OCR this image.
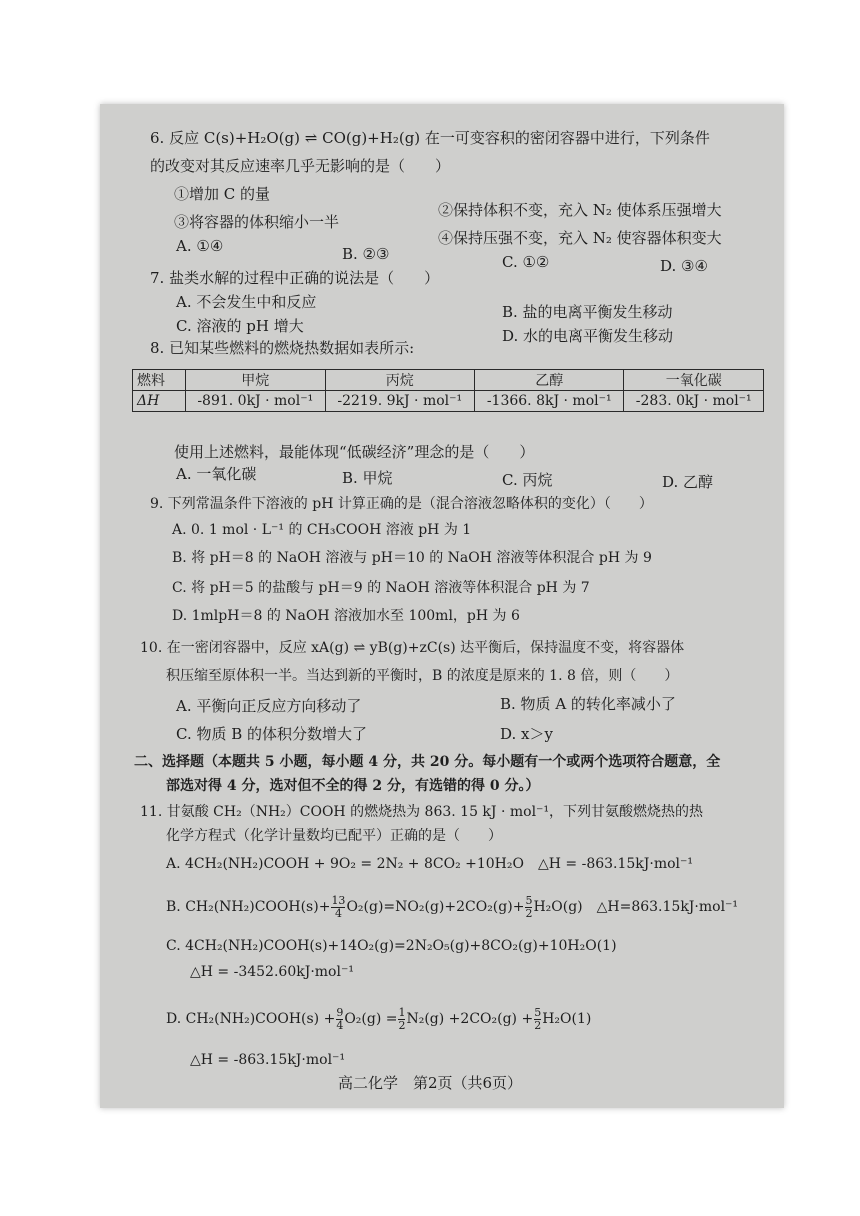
6. 反应 C(s)+H₂O(g) ⇌ CO(g)+H₂(g) 在一可变容积的密闭容器中进行，下列条件
的改变对其反应速率几乎无影响的是（　　）
①增加 C 的量
②保持体积不变，充入 N₂ 使体系压强增大
③将容器的体积缩小一半
④保持压强不变，充入 N₂ 使容器体积变大
A. ①④	B. ②③	C. ①②	D. ③④
7. 盐类水解的过程中正确的说法是（　　）
A. 不会发生中和反应
B. 盐的电离平衡发生移动
C. 溶液的 pH 增大
D. 水的电离平衡发生移动
8. 已知某些燃料的燃烧热数据如表所示:
燃料	甲烷	丙烷	乙醇	一氧化碳
ΔH	-891. 0kJ · mol⁻¹	-2219. 9kJ · mol⁻¹	-1366. 8kJ · mol⁻¹	-283. 0kJ · mol⁻¹
使用上述燃料，最能体现“低碳经济”理念的是（　　）
A. 一氧化碳	B. 甲烷	C. 丙烷	D. 乙醇
9. 下列常温条件下溶液的 pH 计算正确的是（混合溶液忽略体积的变化）（　　）
A. 0. 1 mol · L⁻¹ 的 CH₃COOH 溶液 pH 为 1
B. 将 pH＝8 的 NaOH 溶液与 pH＝10 的 NaOH 溶液等体积混合 pH 为 9
C. 将 pH＝5 的盐酸与 pH＝9 的 NaOH 溶液等体积混合 pH 为 7
D. 1mlpH＝8 的 NaOH 溶液加水至 100ml，pH 为 6
10. 在一密闭容器中，反应 xA(g) ⇌ yB(g)+zC(s) 达平衡后，保持温度不变，将容器体
积压缩至原体积一半。当达到新的平衡时，B 的浓度是原来的 1. 8 倍，则（　　）
A. 平衡向正反应方向移动了	B. 物质 A 的转化率减小了
C. 物质 B 的体积分数增大了	D. x＞y
二、选择题（本题共 5 小题，每小题 4 分，共 20 分。每小题有一个或两个选项符合题意，全
部选对得 4 分，选对但不全的得 2 分，有选错的得 0 分。）
11. 甘氨酸 CH₂（NH₂）COOH 的燃烧热为 863. 15 kJ · mol⁻¹，下列甘氨酸燃烧热的热
化学方程式（化学计量数均已配平）正确的是（　　）
A. 4CH₂(NH₂)COOH + 9O₂ = 2N₂ + 8CO₂ +10H₂O　△H = -863.15kJ·mol⁻¹
B. CH₂(NH₂)COOH(s)+ $\frac{13}{4} O_2(g)=NO_2(g)+2CO_2(g)+ \frac{5}{2} H_2O(g)$　△H=863.15kJ·mol⁻¹
C. 4CH₂(NH₂)COOH(s)+14O₂(g)=2N₂O₅(g)+8CO₂(g)+10H₂O(1)
△H = -3452.60kJ·mol⁻¹
D. CH₂(NH₂)COOH(s) + $\frac{9}{4} O_2(g) = \frac{1}{2} N_2(g) +2CO_2(g) + \frac{5}{2} H_2O(1)$
△H = -863.15kJ·mol⁻¹
高二化学　第2页（共6页）
